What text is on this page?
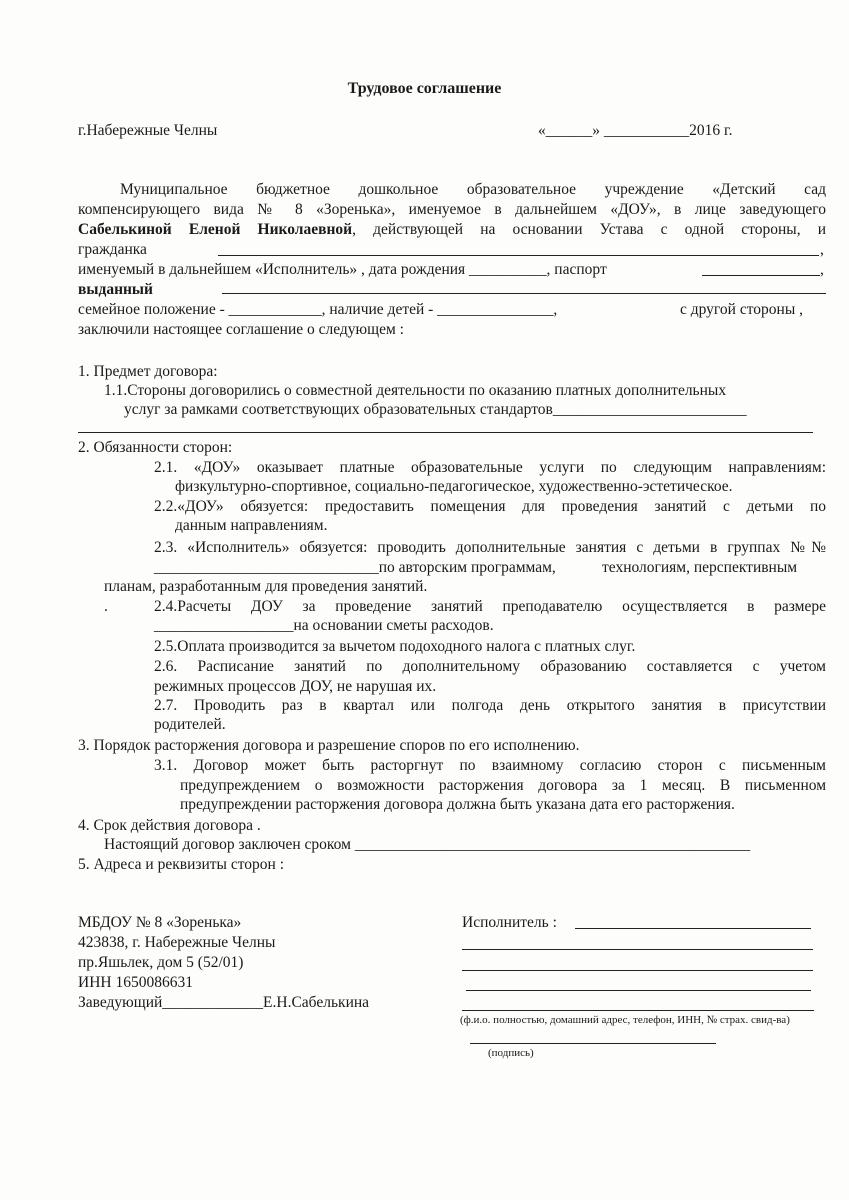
Трудовое соглашение
г.Набережные Челны	«______» ___________2016 г.
Муниципальное бюджетное дошкольное образовательное учреждение «Детский сад
компенсирующего вида № 8 «Зоренька», именуемое в дальнейшем «ДОУ», в лице заведующего
Сабелькиной Еленой Николаевной, действующей на основании Устава с одной стороны, и
гражданка	,
именуемый в дальнейшем «Исполнитель» , дата рождения __________, паспорт	,
выданный
семейное положение - ____________, наличие детей - _______________,	с другой стороны ,
заключили настоящее соглашение о следующем :
1. Предмет договора:
1.1.Стороны договорились о совместной деятельности по оказанию платных дополнительных
услуг за рамками соответствующих образовательных стандартов_________________________
2. Обязанности сторон:
2.1. «ДОУ» оказывает платные образовательные услуги по следующим направлениям:
физкультурно-спортивное, социально-педагогическое, художественно-эстетическое.
2.2.«ДОУ» обязуется: предоставить помещения для проведения занятий с детьми по
данным направлениям.
2.3. «Исполнитель» обязуется: проводить дополнительные занятия с детьми в группах №№
_____________________________по авторским программам,	технологиям, перспективным
планам, разработанным для проведения занятий.
.	2.4.Расчеты ДОУ за проведение занятий преподавателю осуществляется в размере
__________________на основании сметы расходов.
2.5.Оплата производится за вычетом подоходного налога с платных слуг.
2.6. Расписание занятий по дополнительному образованию составляется с учетом
режимных процессов ДОУ, не нарушая их.
2.7. Проводить раз в квартал или полгода день открытого занятия в присутствии
родителей.
3. Порядок расторжения договора и разрешение споров по его исполнению.
3.1. Договор может быть расторгнут по взаимному согласию сторон с письменным
предупреждением о возможности расторжения договора за 1 месяц. В письменном
предупреждении расторжения договора должна быть указана дата его расторжения.
4. Срок действия договора .
Настоящий договор заключен сроком ___________________________________________________
5. Адреса и реквизиты сторон :
МБДОУ № 8 «Зоренька»
423838, г. Набережные Челны
пр.Яшьлек, дом 5 (52/01)
ИНН 1650086631
Заведующий_____________Е.Н.Сабелькина
Исполнитель :
(ф.и.о. полностью, домашний адрес, телефон, ИНН, № страх. свид-ва)
(подпись)
